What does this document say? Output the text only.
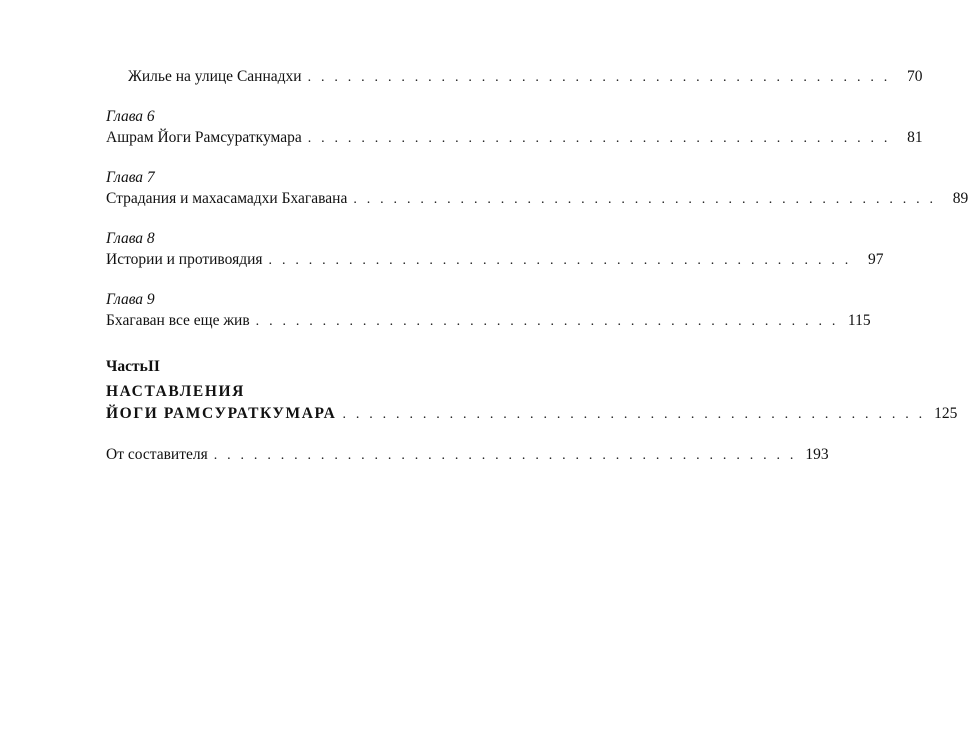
Жилье на улице Саннадхи . . . . . . . . . . . . . . . . . . . . . . . . . . . . . . . . . . . . . . . . . . . .	70
Глава 6
Ашрам Йоги Рамсураткумара . . . . . . . . . . . . . . . . . . . . . . . . . . . . . . . . . . . . . . . . . . . .	81
Глава 7
Страдания и махасамадхи Бхагавана . . . . . . . . . . . . . . . . . . . . . . . . . . . . . . . . . . . . . . . . . . . .	89
Глава 8
Истории и противоядия . . . . . . . . . . . . . . . . . . . . . . . . . . . . . . . . . . . . . . . . . . . .	97
Глава 9
Бхагаван все еще жив . . . . . . . . . . . . . . . . . . . . . . . . . . . . . . . . . . . . . . . . . . . . 115
ЧастьII
НАСТАВЛЕНИЯ
ЙОГИ РАМСУРАТКУМАРА . . . . . . . . . . . . . . . . . . . . . . . . . . . . . . . . . . . . . . . . . . . . 125
От составителя . . . . . . . . . . . . . . . . . . . . . . . . . . . . . . . . . . . . . . . . . . . . 193
